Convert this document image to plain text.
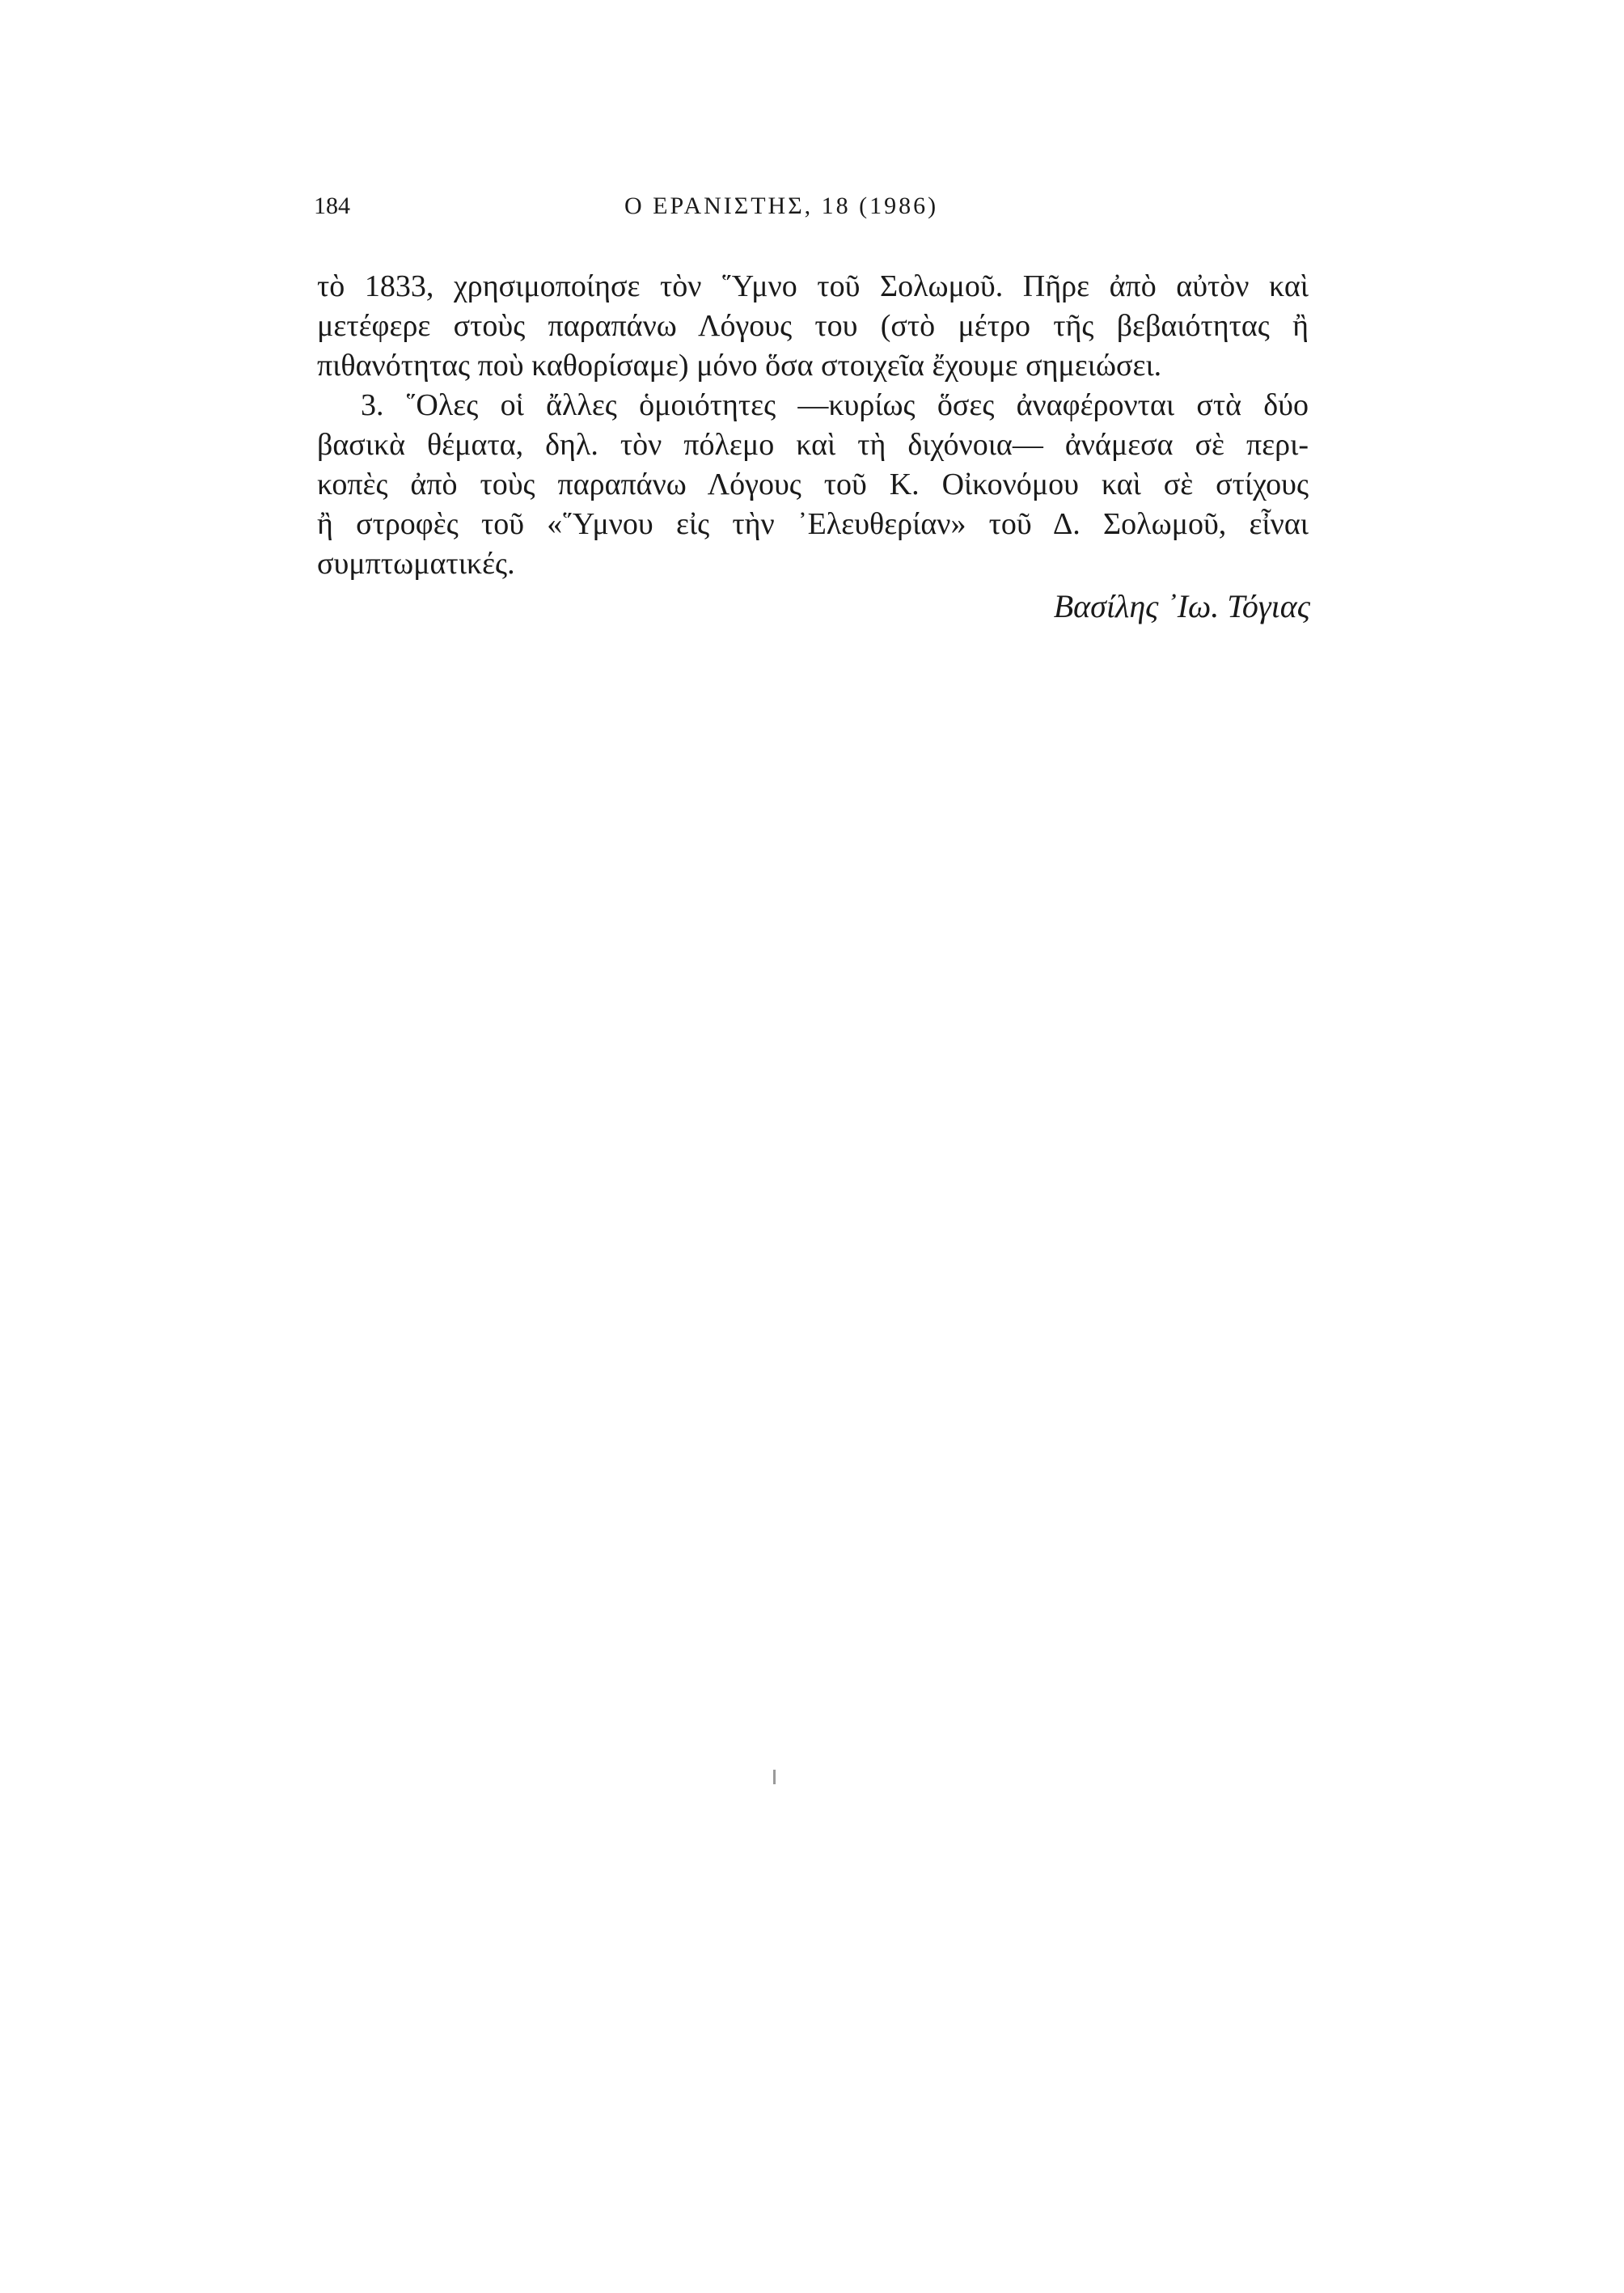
184	Ο ΕΡΑΝΙΣΤΗΣ, 18 (1986)
τὸ 1833, χρησιμοποίησε τὸν ῞Υμνο τοῦ Σολωμοῦ. Πῆρε ἀπὸ αὐτὸν καὶ
μετέφερε στοὺς παραπάνω Λόγους του (στὸ μέτρο τῆς βεβαιότητας ἢ
πιθανότητας ποὺ καθορίσαμε) μόνο ὅσα στοιχεῖα ἔχουμε σημειώσει.
3. ῞Ολες οἱ ἄλλες ὁμοιότητες —κυρίως ὅσες ἀναφέρονται στὰ δύο
βασικὰ θέματα, δηλ. τὸν πόλεμο καὶ τὴ διχόνοια— ἀνάμεσα σὲ περι-
κοπὲς ἀπὸ τοὺς παραπάνω Λόγους τοῦ Κ. Οἰκονόμου καὶ σὲ στίχους
ἢ στροφὲς τοῦ «῞Υμνου εἰς τὴν ᾿Ελευθερίαν» τοῦ Δ. Σολωμοῦ, εἶναι
συμπτωματικές.
Βασίλης ᾿Ιω. Τόγιας
